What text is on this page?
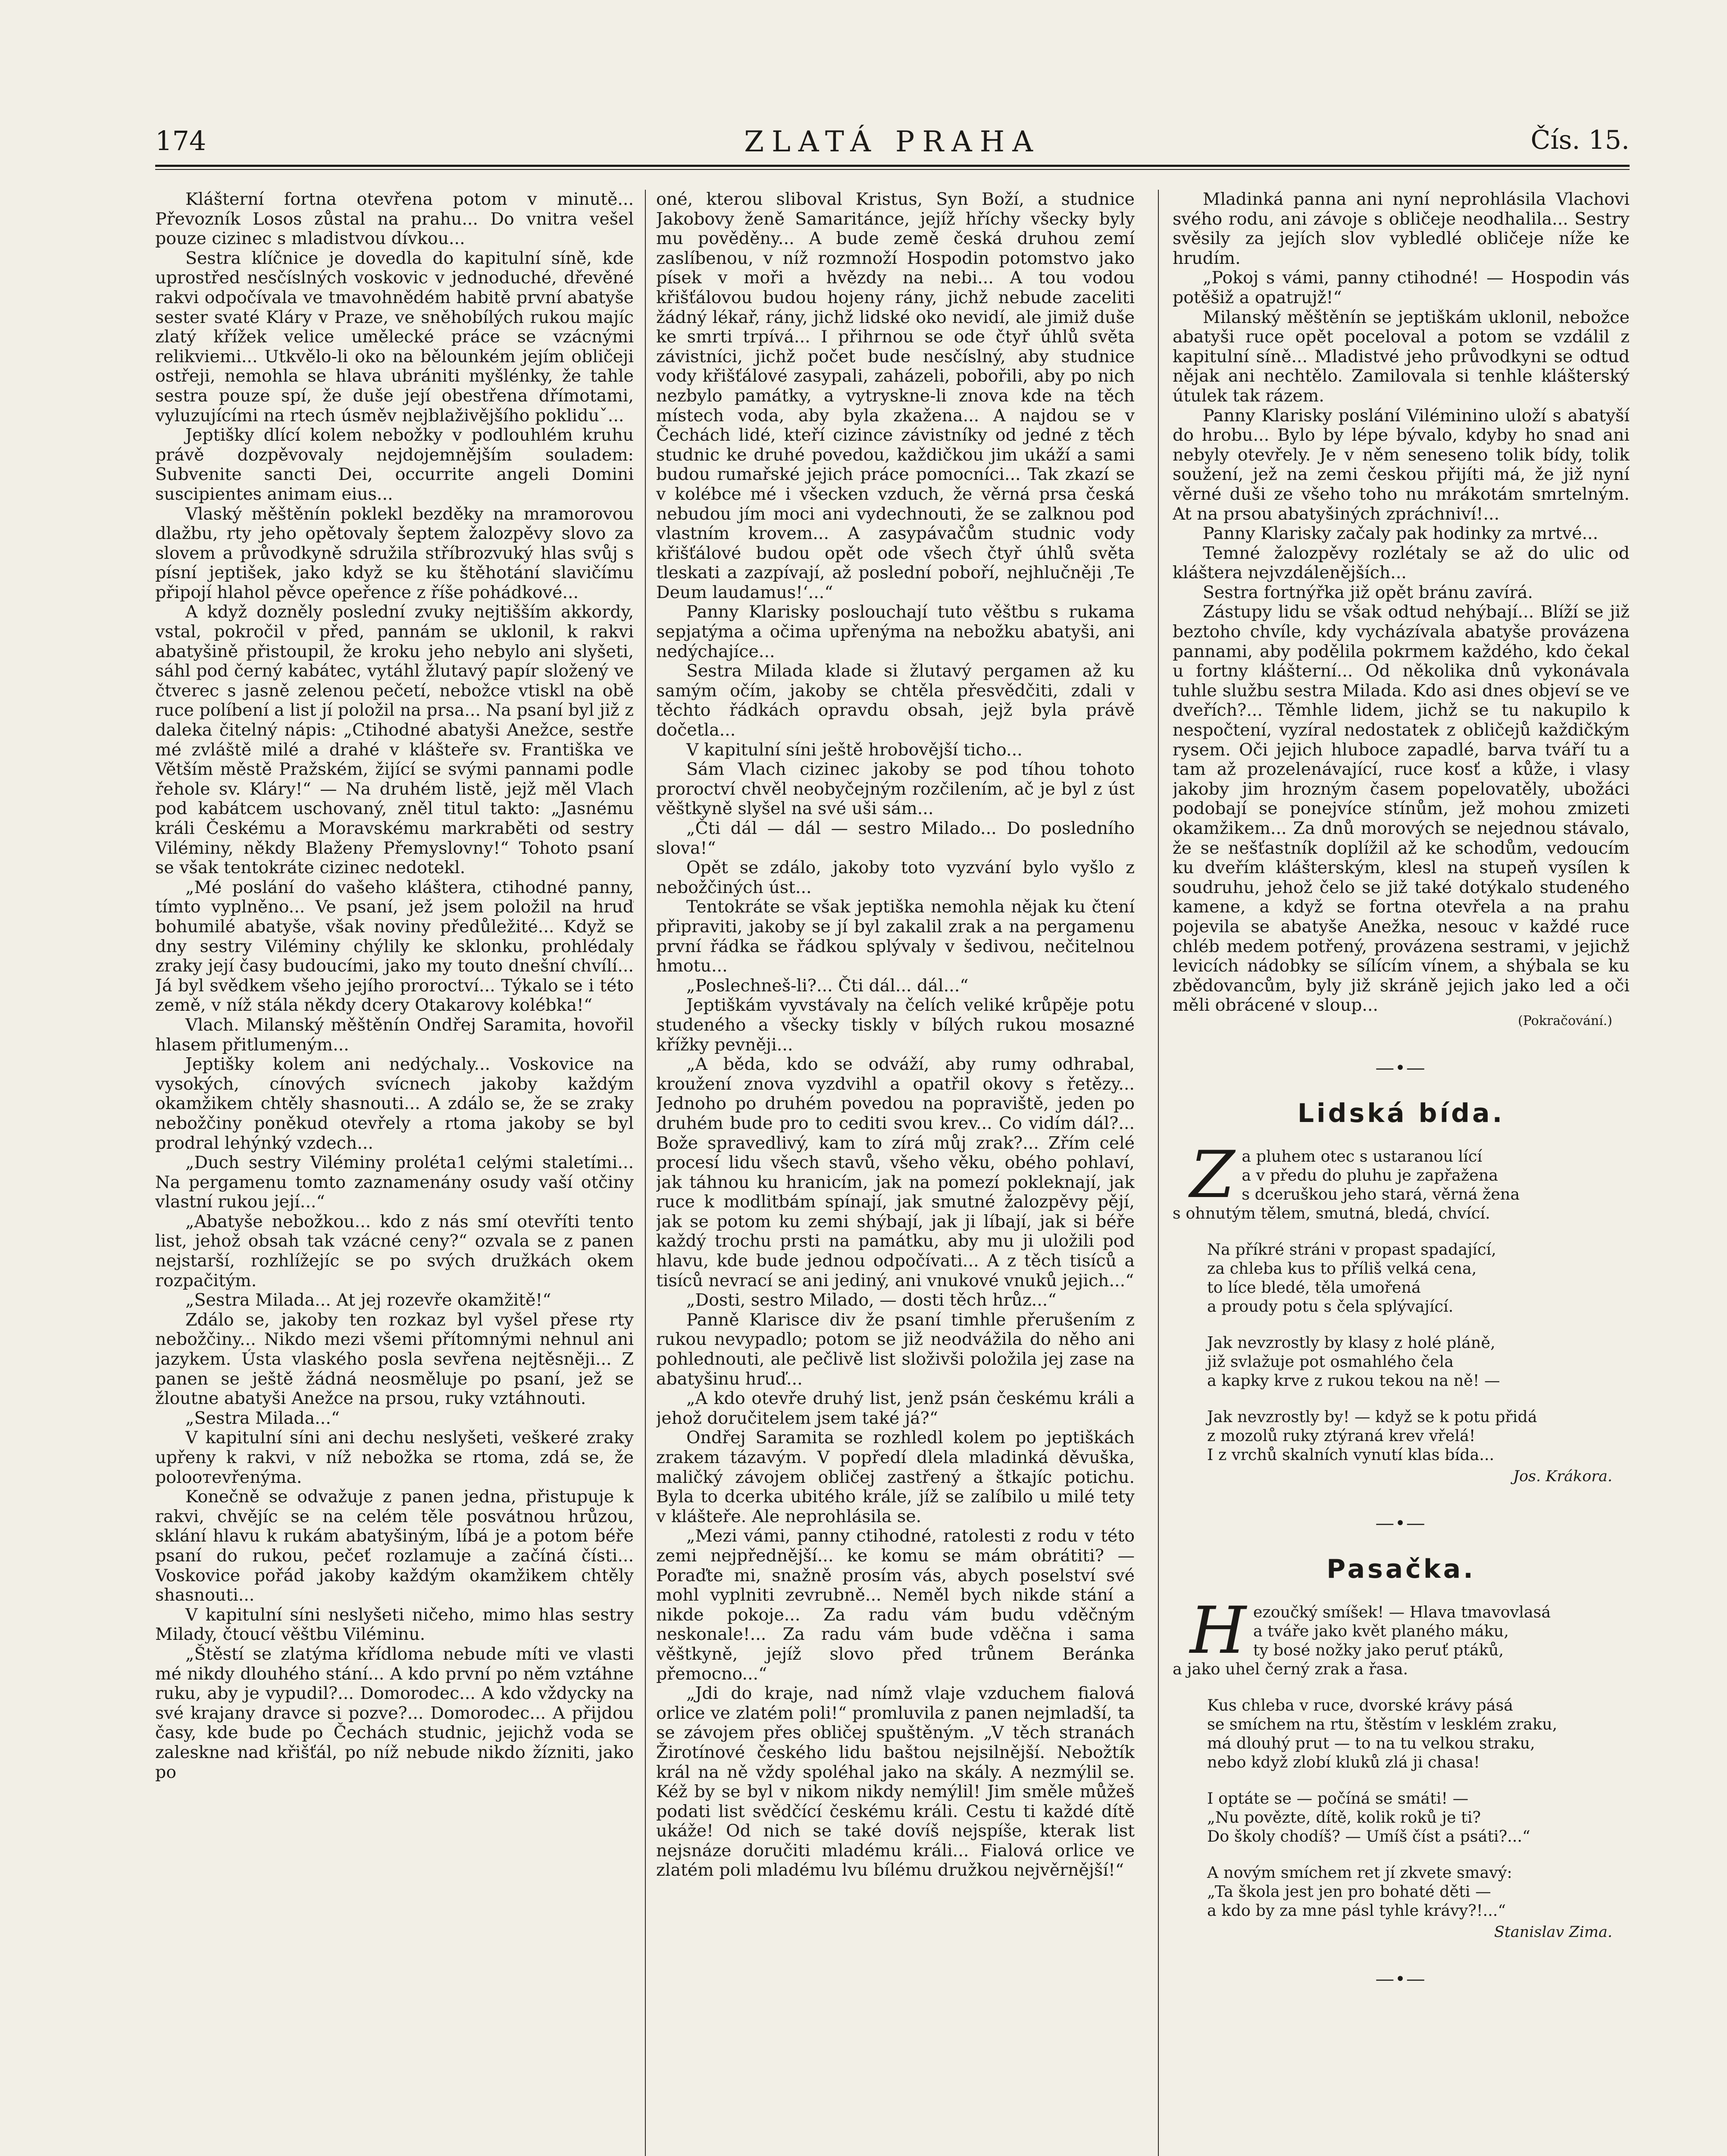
174	ZLATÁ PRAHA	Čís. 15.

Klášterní fortna otevřena potom v minutě... Převozník Losos zůstal na prahu... Do vnitra vešel pouze cizinec s mladistvou dívkou...

Sestra klíčnice je dovedla do kapitulní síně, kde uprostřed nesčíslných voskovic v jednoduché, dřevěné rakvi odpočívala ve tmavohnědém habitě první abatyše sester svaté Kláry v Praze, ve sněhobílých rukou majíc zlatý křížek velice umělecké práce se vzácnými relikviemi... Utkvělo-li oko na bělounkém jejím obličeji ostřeji, nemohla se hlava ubrániti myšlénky, že tahle sestra pouze spí, že duše její obestřena dřímotami, vyluzujícími na rtech úsměv nejblaživějšího pokliduˇ...

Jeptišky dlící kolem nebožky v podlouhlém kruhu právě dozpěvovaly nejdojemnějším souladem: Subvenite sancti Dei, occurrite angeli Domini suscipientes animam eius...

Vlaský měštěnín poklekl bezděky na mramorovou dlažbu, rty jeho opětovaly šeptem žalozpěvy slovo za slovem a průvodkyně sdružila stříbrozvuký hlas svůj s písní jeptišek, jako když se ku štěhotání slavičímu připojí hlahol pěvce opeřence z říše pohádkové...

A když dozněly poslední zvuky nejtišším akkordy, vstal, pokročil v před, pannám se uklonil, k rakvi abatyšině přistoupil, že kroku jeho nebylo ani slyšeti, sáhl pod černý kabátec, vytáhl žlutavý papír složený ve čtverec s jasně zelenou pečetí, nebožce vtiskl na obě ruce políbení a list jí položil na prsa... Na psaní byl již z daleka čitelný nápis: „Ctihodné abatyši Anežce, sestře mé zvláště milé a drahé v klášteře sv. Františka ve Větším městě Pražském, žijící se svými pannami podle řehole sv. Kláry!“ — Na druhém listě, jejž měl Vlach pod kabátcem uschovaný, zněl titul takto: „Jasnému králi Českému a Moravskému markraběti od sestry Viléminy, někdy Blaženy Přemyslovny!“ Tohoto psaní se však tentokráte cizinec nedotekl.

„Mé poslání do vašeho kláštera, ctihodné panny, tímto vyplněno... Ve psaní, jež jsem položil na hruď bohumilé abatyše, však noviny předůležité... Když se dny sestry Viléminy chýlily ke sklonku, prohlédaly zraky její časy budoucími, jako my touto dnešní chvílí... Já byl svědkem všeho jejího proroctví... Týkalo se i této země, v níž stála někdy dcery Otakarovy kolébka!“

Vlach. Milanský měštěnín Ondřej Saramita, hovořil hlasem přitlumeným...

Jeptišky kolem ani nedýchaly... Voskovice na vysokých, cínových svícnech jakoby každým okamžikem chtěly shasnouti... A zdálo se, že se zraky nebožčiny poněkud otevřely a rtoma jakoby se byl prodral lehýnký vzdech...

„Duch sestry Viléminy proléta1 celými staletími... Na pergamenu tomto zaznamenány osudy vaší otčiny vlastní rukou její...“

„Abatyše nebožkou... kdo z nás smí otevříti tento list, jehož obsah tak vzácné ceny?“ ozvala se z panen nejstarší, rozhlížejíc se po svých družkách okem rozpačitým.

„Sestra Milada... At jej rozevře okamžitě!“

Zdálo se, jakoby ten rozkaz byl vyšel přese rty nebožčiny... Nikdo mezi všemi přítomnými nehnul ani jazykem. Ústa vlaského posla sevřena nejtěsněji... Z panen se ještě žádná neosměluje po psaní, jež se žloutne abatyši Anežce na prsou, ruky vztáhnouti.

„Sestra Milada...“

V kapitulní síni ani dechu neslyšeti, veškeré zraky upřeny k rakvi, v níž nebožka se rtoma, zdá se, že poloотevřenýma.

Konečně se odvažuje z panen jedna, přistupuje k rakvi, chvějíc se na celém těle posvátnou hrůzou, sklání hlavu k rukám abatyšiným, líbá je a potom béře psaní do rukou, pečeť rozlamuje a začíná čísti... Voskovice pořád jakoby každým okamžikem chtěly shasnouti...

V kapitulní síni neslyšeti ničeho, mimo hlas sestry Milady, čtoucí věštbu Viléminu.

„Štěstí se zlatýma křídloma nebude míti ve vlasti mé nikdy dlouhého stání... A kdo první po něm vztáhne ruku, aby je vypudil?... Domorodec... A kdo vždycky na své krajany dravce si pozve?... Domorodec... A přijdou časy, kde bude po Čechách studnic, jejichž voda se zaleskne nad křišťál, po níž nebude nikdo žízniti, jako po

oné, kterou sliboval Kristus, Syn Boží, a studnice Jakobovy ženě Samaritánce, jejíž hříchy všecky byly mu pověděny... A bude země česká druhou zemí zaslíbenou, v níž rozmnoží Hospodin potomstvo jako písek v moři a hvězdy na nebi... A tou vodou křišťálovou budou hojeny rány, jichž nebude zaceliti žádný lékař, rány, jichž lidské oko nevidí, ale jimiž duše ke smrti trpívá... I přihrnou se ode čtyř úhlů světa závistníci, jichž počet bude nesčíslný, aby studnice vody křišťálové zasypali, zaházeli, pobořili, aby po nich nezbylo památky, a vytryskne-li znova kde na těch místech voda, aby byla zkažena... A najdou se v Čechách lidé, kteří cizince závistníky od jedné z těch studnic ke druhé povedou, každičkou jim ukáží a sami budou rumařské jejich práce pomocníci... Tak zkazí se v kolébce mé i všecken vzduch, že věrná prsa česká nebudou jím moci ani vydechnouti, že se zalknou pod vlastním krovem... A zasypávačům studnic vody křišťálové budou opět ode všech čtyř úhlů světa tleskati a zazpívají, až poslední poboří, nejhlučněji ‚Te Deum laudamus!‘...“

Panny Klarisky poslouchají tuto věštbu s rukama sepjatýma a očima upřenýma na nebožku abatyši, ani nedýchajíce...

Sestra Milada klade si žlutavý pergamen až ku samým očím, jakoby se chtěla přesvědčiti, zdali v těchto řádkách opravdu obsah, jejž byla právě dočetla...

V kapitulní síni ještě hrobovější ticho...

Sám Vlach cizinec jakoby se pod tíhou tohoto proroctví chvěl neobyčejným rozčilením, ač je byl z úst věštkyně slyšel na své uši sám...

„Čti dál — dál — sestro Milado... Do posledního slova!“

Opět se zdálo, jakoby toto vyzvání bylo vyšlo z nebožčiných úst...

Tentokráte se však jeptiška nemohla nějak ku čtení připraviti, jakoby se jí byl zakalil zrak a na pergamenu první řádka se řádkou splývaly v šedivou, nečitelnou hmotu...

„Poslechneš-li?... Čti dál... dál...“

Jeptiškám vyvstávaly na čelích veliké krůpěje potu studeného a všecky tiskly v bílých rukou mosazné křížky pevněji...

„A běda, kdo se odváží, aby rumy odhrabal, kroužení znova vyzdvihl a opatřil okovy s řetězy... Jednoho po druhém povedou na popraviště, jeden po druhém bude pro to cediti svou krev... Co vidím dál?... Bože spravedlivý, kam to zírá můj zrak?... Zřím celé procesí lidu všech stavů, všeho věku, obého pohlaví, jak táhnou ku hranicím, jak na pomezí pokleknají, jak ruce k modlitbám spínají, jak smutné žalozpěvy pějí, jak se potom ku zemi shýbají, jak ji líbají, jak si béře každý trochu prsti na památku, aby mu ji uložili pod hlavu, kde bude jednou odpočívati... A z těch tisíců a tisíců nevrací se ani jediný, ani vnukové vnuků jejich...“

„Dosti, sestro Milado, — dosti těch hrůz...“

Panně Klarisce div že psaní timhle přerušením z rukou nevypadlo; potom se již neodvážila do něho ani pohlednouti, ale pečlivě list složivši položila jej zase na abatyšinu hruď...

„A kdo otevře druhý list, jenž psán českému králi a jehož doručitelem jsem také já?“

Ondřej Saramita se rozhledl kolem po jeptiškách zrakem tázavým. V popředí dlela mladinká děvuška, maličký závojem obličej zastřený a štkajíc potichu. Byla to dcerka ubitého krále, jíž se zalíbilo u milé tety v klášteře. Ale neprohlásila se.

„Mezi vámi, panny ctihodné, ratolesti z rodu v této zemi nejpřednější... ke komu se mám obrátiti? — Poraďte mi, snažně prosím vás, abych poselství své mohl vyplniti zevrubně... Neměl bych nikde stání a nikde pokoje... Za radu vám budu vděčným neskonale!... Za radu vám bude vděčna i sama věštkyně, jejíž slovo před trůnem Beránka přemocno...“

„Jdi do kraje, nad nímž vlaje vzduchem fialová orlice ve zlatém poli!“ promluvila z panen nejmladší, ta se závojem přes obličej spuštěným. „V těch stranách Žirotínové českého lidu baštou nejsilnější. Nebožtík král na ně vždy spoléhal jako na skály. A nezmýlil se. Kéž by se byl v nikom nikdy nemýlil! Jim směle můžeš podati list svědčící českému králi. Cestu ti každé dítě ukáže! Od nich se také dovíš nejspíše, kterak list nejsnáze doručiti mladému králi... Fialová orlice ve zlatém poli mladému lvu bílému družkou nejvěrnější!“

Mladinká panna ani nyní neprohlásila Vlachovi svého rodu, ani závoje s obličeje neodhalila... Sestry svěsily za jejích slov vybledlé obličeje níže ke hrudím.

„Pokoj s vámi, panny ctihodné! — Hospodin vás potěšiž a opatrujž!“

Milanský měštěnín se jeptiškám uklonil, nebožce abatyši ruce opět poceloval a potom se vzdálil z kapitulní síně... Mladistvé jeho průvodkyni se odtud nějak ani nechtělo. Zamilovala si tenhle klášterský útulek tak rázem.

Panny Klarisky poslání Viléminino uloží s abatyší do hrobu... Bylo by lépe bývalo, kdyby ho snad ani nebyly otevřely. Je v něm seneseno tolik bídy, tolik soužení, jež na zemi českou přijíti má, že již nyní věrné duši ze všeho toho nu mrákotám smrtelným. At na prsou abatyšiných zpráchniví!...

Panny Klarisky začaly pak hodinky za mrtvé...

Temné žalozpěvy rozlétaly se až do ulic od kláštera nejvzdálenějších...

Sestra fortnýřka již opět bránu zavírá.

Zástupy lidu se však odtud nehýbají... Blíží se již beztoho chvíle, kdy vycházívala abatyše provázena pannami, aby podělila pokrmem každého, kdo čekal u fortny klášterní... Od několika dnů vykonávala tuhle službu sestra Milada. Kdo asi dnes objeví se ve dveřích?... Těmhle lidem, jichž se tu nakupilo k nespočtení, vyzíral nedostatek z obličejů každičkým rysem. Oči jejich hluboce zapadlé, barva tváří tu a tam až prozelenávající, ruce kosť a kůže, i vlasy jakoby jim hrozným časem popelovatěly, ubožáci podobají se ponejvíce stínům, jež mohou zmizeti okamžikem... Za dnů morových se nejednou stávalo, že se nešťastník doplížil až ke schodům, vedoucím ku dveřím klášterským, klesl na stupeň vysílen k soudruhu, jehož čelo se již také dotýkalo studeného kamene, a když se fortna otevřela a na prahu pojevila se abatyše Anežka, nesouc v každé ruce chléb medem potřený, provázena sestrami, v jejichž levicích nádobky se sílícím vínem, a shýbala se ku zbědovancům, byly již skráně jejich jako led a oči měli obrácené v sloup...

(Pokračování.)
―•―
Lidská bída.
Z a pluhem otec s ustaranou lící
a v předu do pluhu je zapřažena
s dceruškou jeho stará, věrná žena
s ohnutým tělem, smutná, bledá, chvící.
Na příkré stráni v propast spadající,
za chleba kus to příliš velká cena,
to líce bledé, těla umořená
a proudy potu s čela splývající.
Jak nevzrostly by klasy z holé pláně,
již svlažuje pot osmahlého čela
a kapky krve z rukou tekou na ně! —
Jak nevzrostly by! — když se k potu přidá
z mozolů ruky ztýraná krev vřelá!
I z vrchů skalních vynutí klas bída...
Jos. Krákora.
―•―
Pasačka.
H ezoučký smíšek! — Hlava tmavovlasá
a tváře jako květ planého máku,
ty bosé nožky jako peruť ptáků,
a jako uhel černý zrak a řasa.
Kus chleba v ruce, dvorské krávy pásá
se smíchem na rtu, štěstím v lesklém zraku,
má dlouhý prut — to na tu velkou straku,
nebo když zlobí kluků zlá ji chasa!
I optáte se — počíná se smáti! —
„Nu povězte, dítě, kolik roků je ti?
Do školy chodíš? — Umíš číst a psáti?...“
A novým smíchem ret jí zkvete smavý:
„Ta škola jest jen pro bohaté děti —
a kdo by za mne pásl tyhle krávy?!...“
Stanislav Zima.
―•―
